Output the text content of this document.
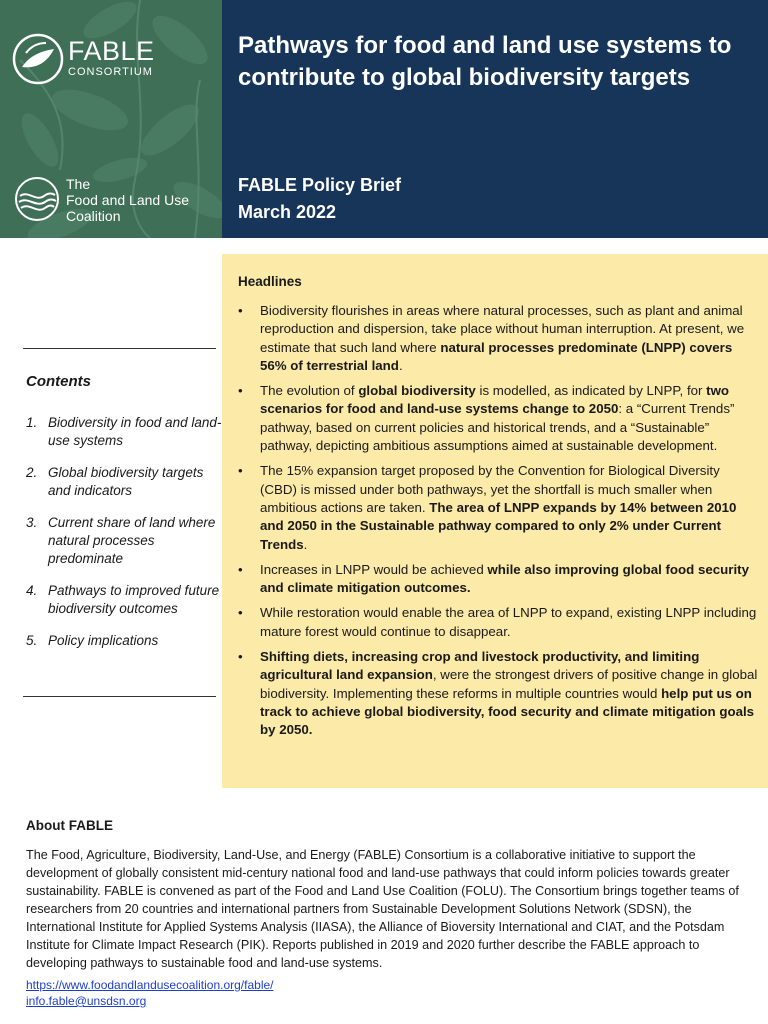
FABLE
CONSORTIUM
The
Food and Land Use
Coalition
Pathways for food and land use systems to contribute to global biodiversity targets
FABLE Policy Brief
March 2022
Contents
1. Biodiversity in food and land-use systems
2. Global biodiversity targets and indicators
3. Current share of land where natural processes predominate
4. Pathways to improved future biodiversity outcomes
5. Policy implications
Headlines
• Biodiversity flourishes in areas where natural processes, such as plant and animal reproduction and dispersion, take place without human interruption. At present, we estimate that such land where natural processes predominate (LNPP) covers 56% of terrestrial land.
• The evolution of global biodiversity is modelled, as indicated by LNPP, for two scenarios for food and land-use systems change to 2050: a “Current Trends” pathway, based on current policies and historical trends, and a “Sustainable” pathway, depicting ambitious assumptions aimed at sustainable development.
• The 15% expansion target proposed by the Convention for Biological Diversity (CBD) is missed under both pathways, yet the shortfall is much smaller when ambitious actions are taken. The area of LNPP expands by 14% between 2010 and 2050 in the Sustainable pathway compared to only 2% under Current Trends.
• Increases in LNPP would be achieved while also improving global food security and climate mitigation outcomes.
• While restoration would enable the area of LNPP to expand, existing LNPP including mature forest would continue to disappear.
• Shifting diets, increasing crop and livestock productivity, and limiting agricultural land expansion, were the strongest drivers of positive change in global biodiversity. Implementing these reforms in multiple countries would help put us on track to achieve global biodiversity, food security and climate mitigation goals by 2050.
About FABLE

The Food, Agriculture, Biodiversity, Land-Use, and Energy (FABLE) Consortium is a collaborative initiative to support the development of globally consistent mid-century national food and land-use pathways that could inform policies towards greater sustainability. FABLE is convened as part of the Food and Land Use Coalition (FOLU). The Consortium brings together teams of researchers from 20 countries and international partners from Sustainable Development Solutions Network (SDSN), the International Institute for Applied Systems Analysis (IIASA), the Alliance of Bioversity International and CIAT, and the Potsdam Institute for Climate Impact Research (PIK). Reports published in 2019 and 2020 further describe the FABLE approach to developing pathways to sustainable food and land-use systems.

https://www.foodandlandusecoalition.org/fable/
info.fable@unsdsn.org
